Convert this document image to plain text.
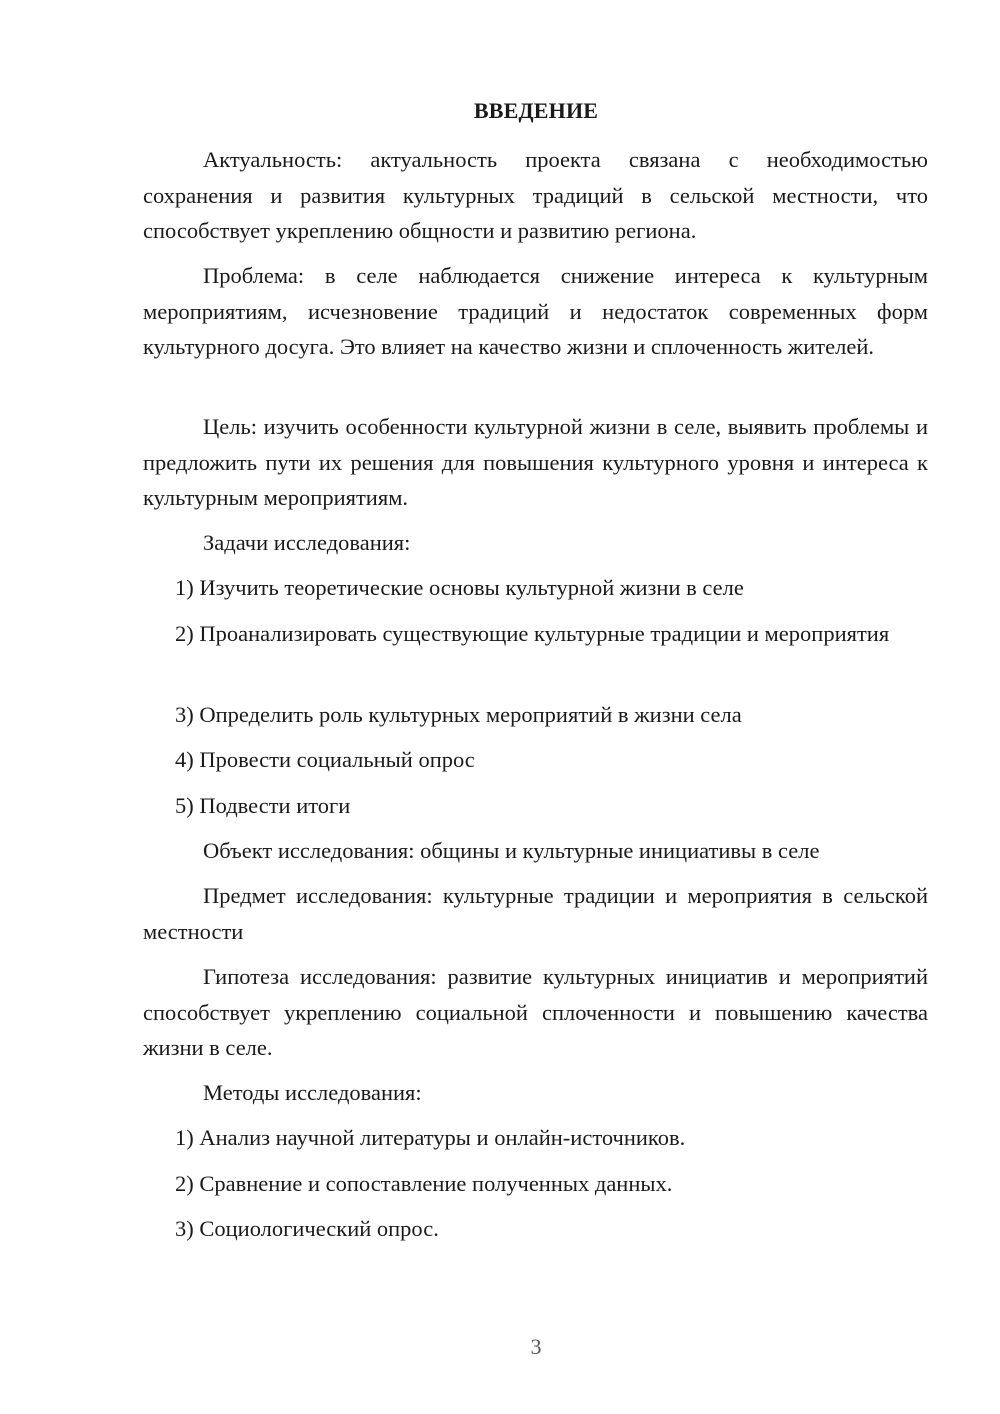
ВВЕДЕНИЕ

Актуальность: актуальность проекта связана с необходимостью сохранения и развития культурных традиций в сельской местности, что способствует укреплению общности и развитию региона.

Проблема: в селе наблюдается снижение интереса к культурным мероприятиям, исчезновение традиций и недостаток современных форм культурного досуга. Это влияет на качество жизни и сплоченность жителей.

Цель: изучить особенности культурной жизни в селе, выявить проблемы и предложить пути их решения для повышения культурного уровня и интереса к культурным мероприятиям.

Задачи исследования:

1) Изучить теоретические основы культурной жизни в селе

2) Проанализировать существующие культурные традиции и мероприятия

3) Определить роль культурных мероприятий в жизни села

4) Провести социальный опрос

5) Подвести итоги

Объект исследования: общины и культурные инициативы в селе

Предмет исследования: культурные традиции и мероприятия в сельской местности

Гипотеза исследования: развитие культурных инициатив и мероприятий способствует укреплению социальной сплоченности и повышению качества жизни в селе.

Методы исследования:

1) Анализ научной литературы и онлайн-источников.

2) Сравнение и сопоставление полученных данных.

3) Социологический опрос.

3
